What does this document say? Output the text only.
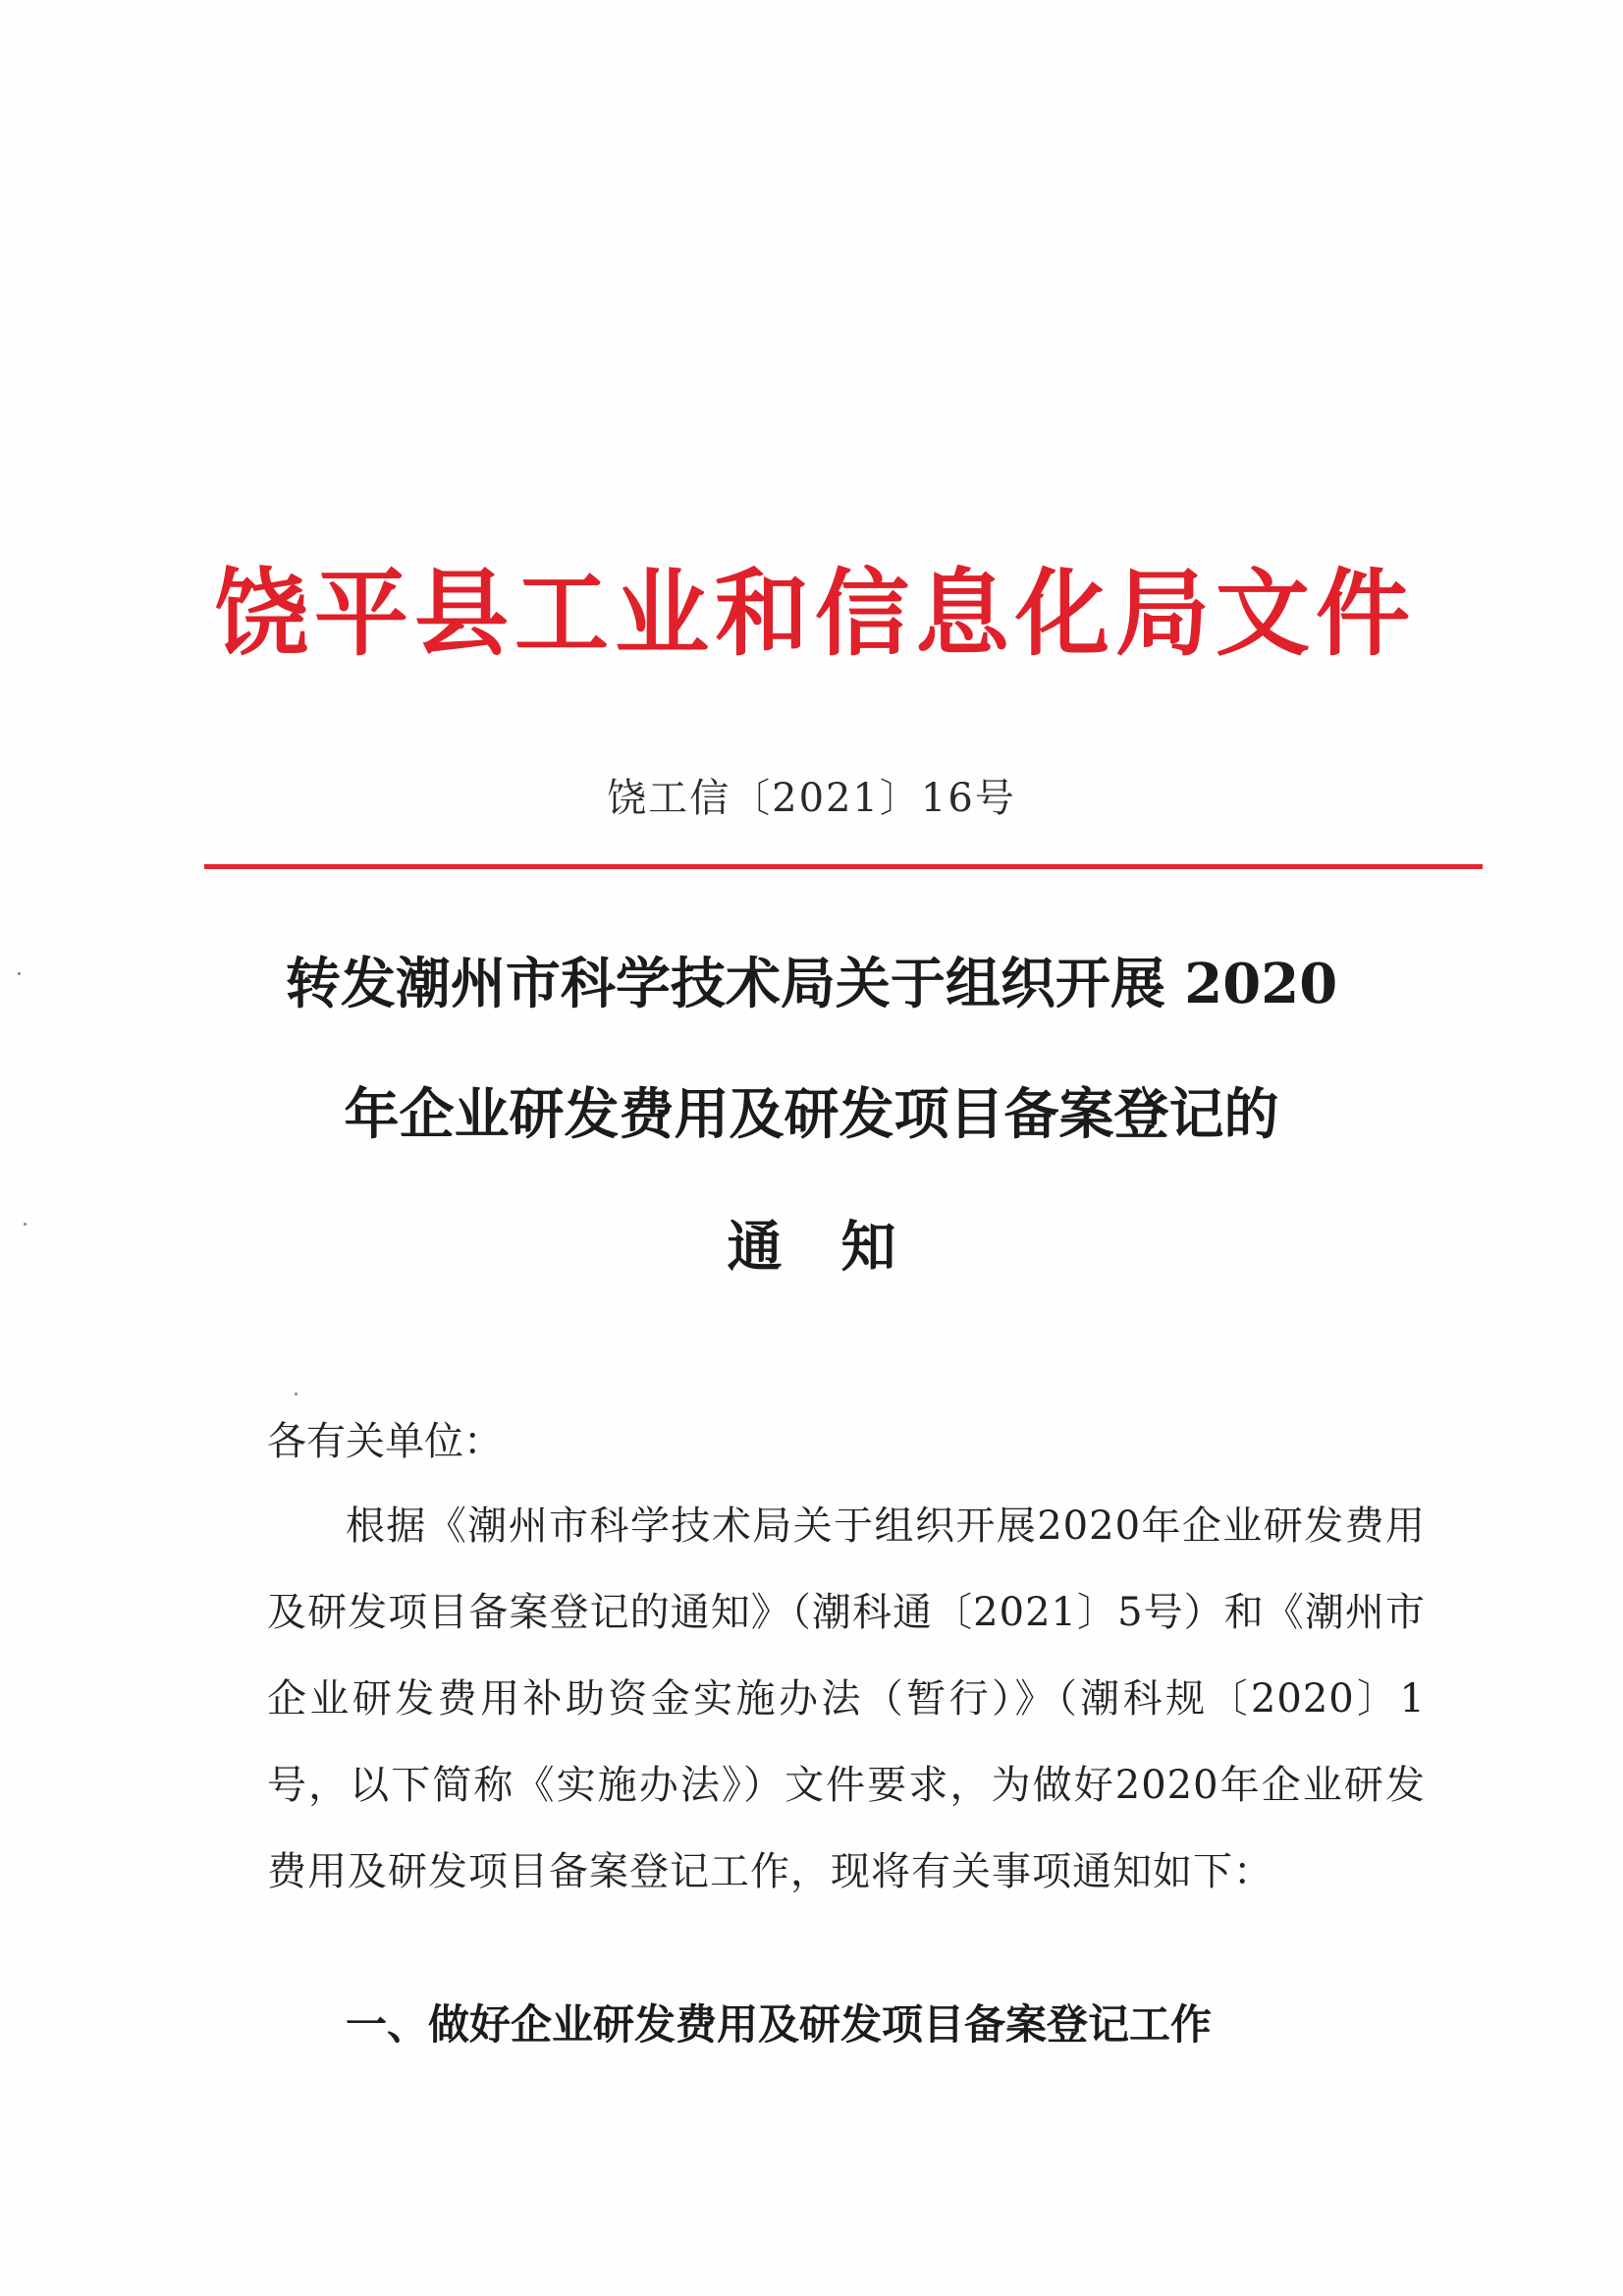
饶平县工业和信息化局文件
饶工信〔2021〕16号
转发潮州市科学技术局关于组织开展 2020
年企业研发费用及研发项目备案登记的
通知
各有关单位：
根据《潮州市科学技术局关于组织开展2020年企业研发费用及研发项目备案登记的通知》（潮科通〔2021〕5号）和《潮州市企业研发费用补助资金实施办法（暂行）》（潮科规〔2020〕1号，以下简称《实施办法》）文件要求，为做好2020年企业研发费用及研发项目备案登记工作，现将有关事项通知如下：
一、做好企业研发费用及研发项目备案登记工作
